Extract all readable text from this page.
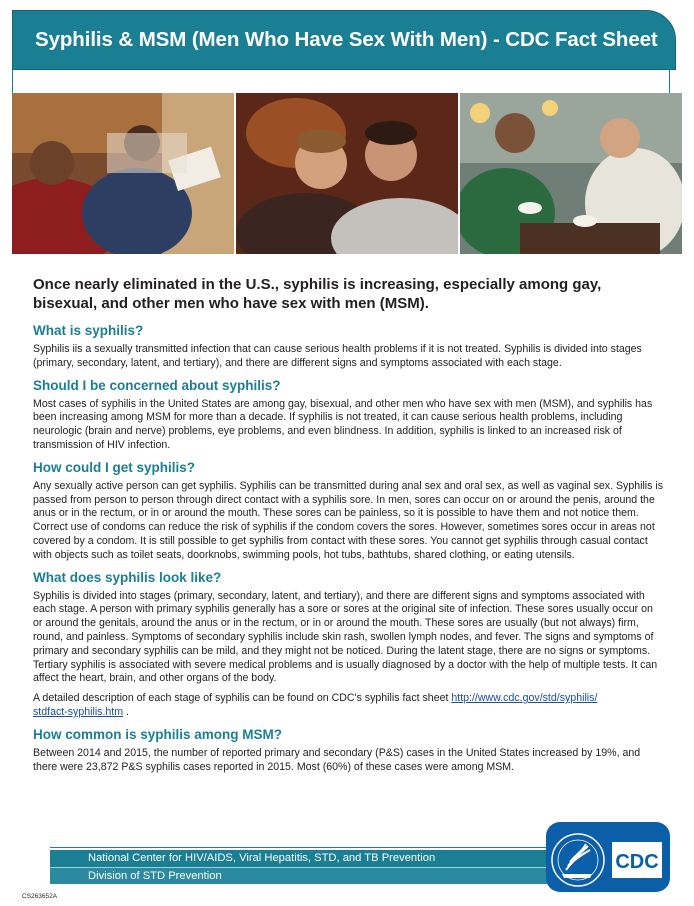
Syphilis & MSM (Men Who Have Sex With Men) - CDC Fact Sheet
Once nearly eliminated in the U.S., syphilis is increasing, especially among gay, bisexual, and other men who have sex with men (MSM).
What is syphilis?

Syphilis iis a sexually transmitted infection that can cause serious health problems if it is not treated. Syphilis is divided into stages (primary, secondary, latent, and tertiary), and there are different signs and symptoms associated with each stage.

Should I be concerned about syphilis?

Most cases of syphilis in the United States are among gay, bisexual, and other men who have sex with men (MSM), and syphilis has been increasing among MSM for more than a decade. If syphilis is not treated, it can cause serious health problems, including neurologic (brain and nerve) problems, eye problems, and even blindness. In addition, syphilis is linked to an increased risk of transmission of HIV infection.

How could I get syphilis?

Any sexually active person can get syphilis. Syphilis can be transmitted during anal sex and oral sex, as well as vaginal sex. Syphilis is passed from person to person through direct contact with a syphilis sore. In men, sores can occur on or around the penis, around the anus or in the rectum, or in or around the mouth. These sores can be painless, so it is possible to have them and not notice them. Correct use of condoms can reduce the risk of syphilis if the condom covers the sores. However, sometimes sores occur in areas not covered by a condom. It is still possible to get syphilis from contact with these sores. You cannot get syphilis through casual contact with objects such as toilet seats, doorknobs, swimming pools, hot tubs, bathtubs, shared clothing, or eating utensils.

What does syphilis look like?

Syphilis is divided into stages (primary, secondary, latent, and tertiary), and there are different signs and symptoms associated with each stage. A person with primary syphilis generally has a sore or sores at the original site of infection. These sores usually occur on or around the genitals, around the anus or in the rectum, or in or around the mouth. These sores are usually (but not always) firm, round, and painless. Symptoms of secondary syphilis include skin rash, swollen lymph nodes, and fever. The signs and symptoms of primary and secondary syphilis can be mild, and they might not be noticed. During the latent stage, there are no signs or symptoms. Tertiary syphilis is associated with severe medical problems and is usually diagnosed by a doctor with the help of multiple tests. It can affect the heart, brain, and other organs of the body.

A detailed description of each stage of syphilis can be found on CDC's syphilis fact sheet http://www.cdc.gov/std/syphilis/
stdfact-syphilis.htm .

How common is syphilis among MSM?

Between 2014 and 2015, the number of reported primary and secondary (P&S) cases in the United States increased by 19%, and there were 23,872 P&S syphilis cases reported in 2015. Most (60%) of these cases were among MSM.

National Center for HIV/AIDS, Viral Hepatitis, STD, and TB Prevention
Division of STD Prevention
CDC
CS263652A
